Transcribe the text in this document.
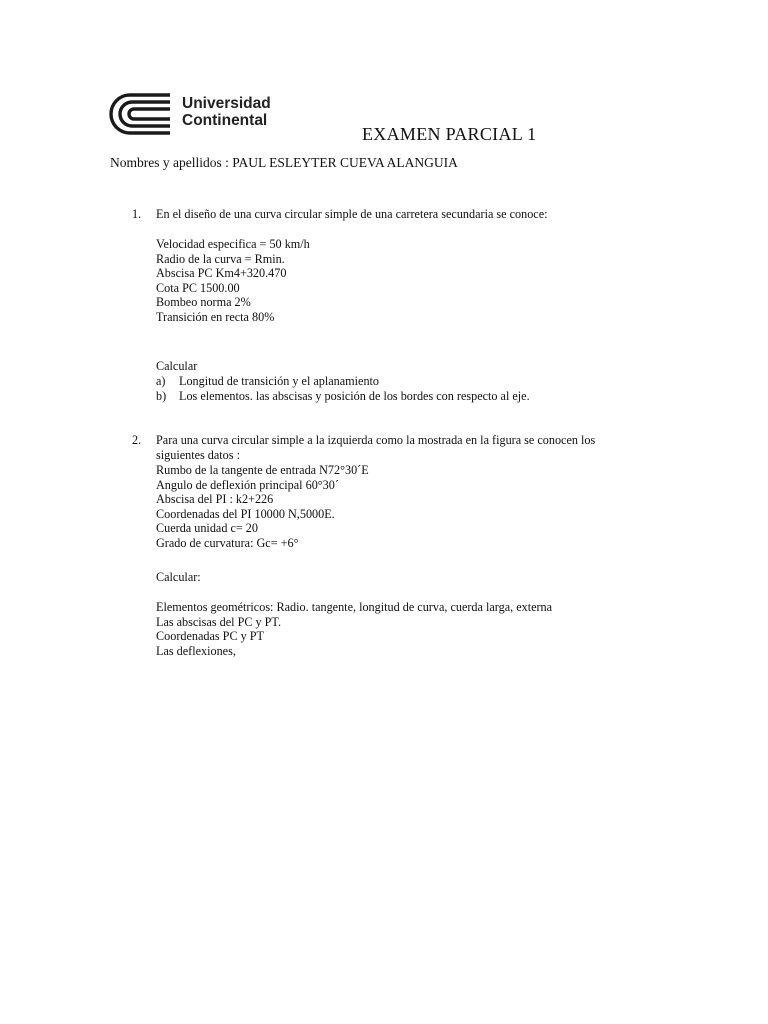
Universidad
Continental
EXAMEN PARCIAL 1
Nombres y apellidos : PAUL ESLEYTER CUEVA ALANGUIA
1. En el diseño de una curva circular simple de una carretera secundaria se conoce:
Velocidad especifica = 50 km/h
Radio de la curva = Rmin.
Abscisa PC Km4+320.470
Cota PC 1500.00
Bombeo norma 2%
Transición en recta 80%
Calcular
a) Longitud de transición y el aplanamiento
b) Los elementos. las abscisas y posición de los bordes con respecto al eje.
2. Para una curva circular simple a la izquierda como la mostrada en la figura se conocen los
siguientes datos :
Rumbo de la tangente de entrada N72°30´E
Angulo de deflexión principal 60°30´
Abscisa del PI : k2+226
Coordenadas del PI 10000 N,5000E.
Cuerda unidad c= 20
Grado de curvatura: Gc= +6°
Calcular:
Elementos geométricos: Radio. tangente, longitud de curva, cuerda larga, externa
Las abscisas del PC y PT.
Coordenadas PC y PT
Las deflexiones,
